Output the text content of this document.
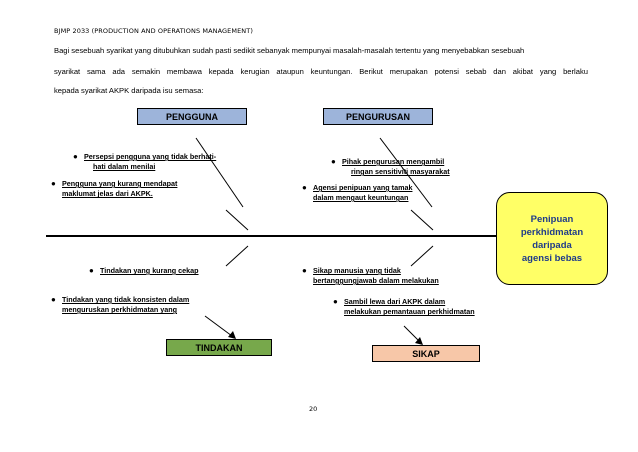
BJMP 2033 (PRODUCTION AND OPERATIONS MANAGEMENT)
Bagi sesebuah syarikat yang ditubuhkan sudah pasti sedikit sebanyak mempunyai masalah-masalah tertentu yang menyebabkan sesebuah
syarikat sama ada semakin membawa kepada kerugian ataupun keuntungan. Berikut merupakan potensi sebab dan akibat yang berlaku
kepada syarikat AKPK daripada isu semasa:
PENGGUNA	PENGURUSAN
TINDAKAN
SIKAP
● Persepsi pengguna yang tidak berhati-
hati dalam menilai
● Pengguna yang kurang mendapat
maklumat jelas dari AKPK.
● Pihak pengurusan mengambil
ringan sensitiviti masyarakat
● Agensi penipuan yang tamak
dalam mengaut keuntungan
● Tindakan yang kurang cekap
● Tindakan yang tidak konsisten dalam
menguruskan perkhidmatan yang
● Sikap manusia yang tidak
bertanggungjawab dalam melakukan
● Sambil lewa dari AKPK dalam
melakukan pemantauan perkhidmatan
Penipuan
perkhidmatan
daripada
agensi bebas
20
